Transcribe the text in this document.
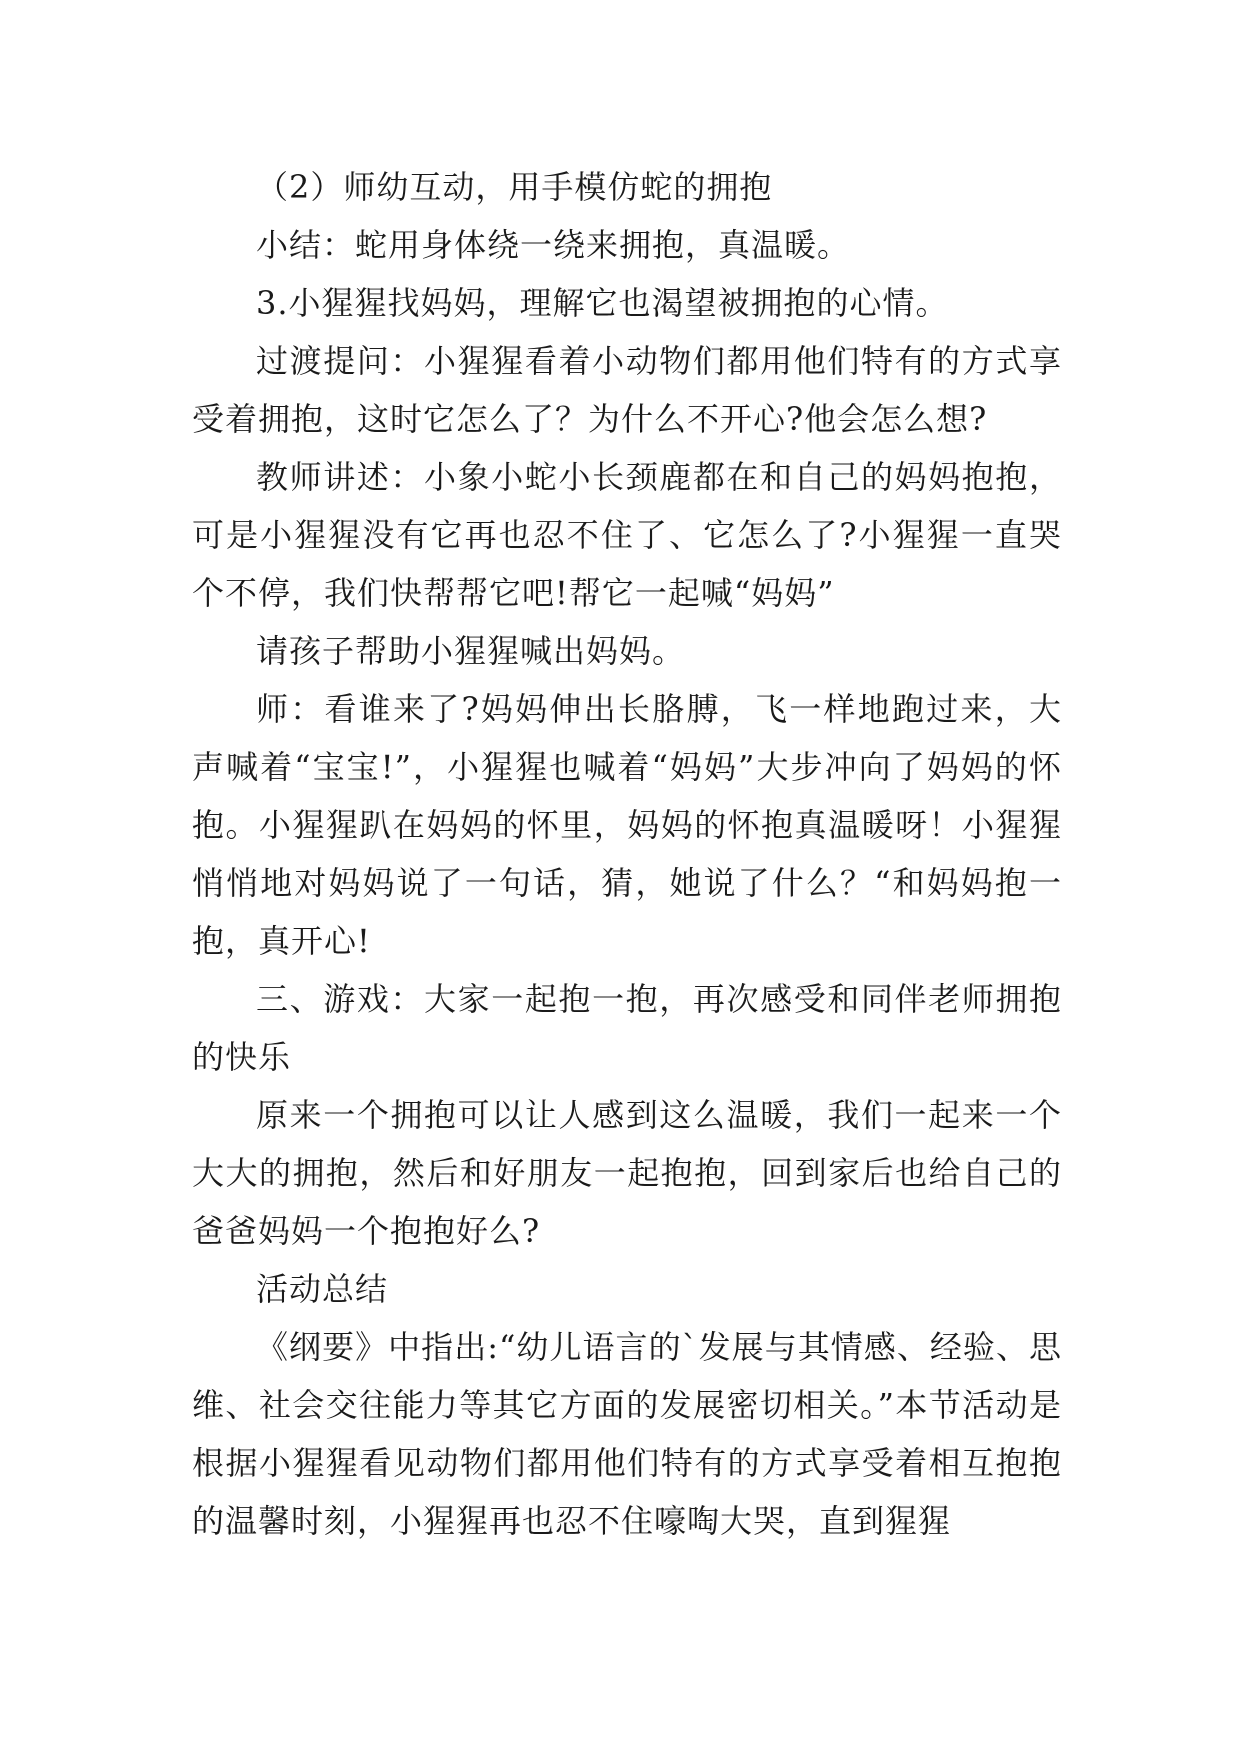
（2）师幼互动，用手模仿蛇的拥抱

小结：蛇用身体绕一绕来拥抱，真温暖。

3.小猩猩找妈妈，理解它也渴望被拥抱的心情。

过渡提问：小猩猩看着小动物们都用他们特有的方式享受着拥抱，这时它怎么了？为什么不开心?他会怎么想?

教师讲述：小象小蛇小长颈鹿都在和自己的妈妈抱抱，可是小猩猩没有它再也忍不住了、它怎么了?小猩猩一直哭个不停，我们快帮帮它吧!帮它一起喊“妈妈”

请孩子帮助小猩猩喊出妈妈。

师：看谁来了?妈妈伸出长胳膊，飞一样地跑过来，大声喊着“宝宝!”，小猩猩也喊着“妈妈”大步冲向了妈妈的怀抱。小猩猩趴在妈妈的怀里，妈妈的怀抱真温暖呀！小猩猩悄悄地对妈妈说了一句话，猜，她说了什么？“和妈妈抱一抱，真开心!

三、游戏：大家一起抱一抱，再次感受和同伴老师拥抱的快乐

原来一个拥抱可以让人感到这么温暖，我们一起来一个大大的拥抱，然后和好朋友一起抱抱，回到家后也给自己的爸爸妈妈一个抱抱好么?

活动总结

《纲要》中指出:“幼儿语言的`发展与其情感、经验、思维、社会交往能力等其它方面的发展密切相关。”本节活动是根据小猩猩看见动物们都用他们特有的方式享受着相互抱抱的温馨时刻，小猩猩再也忍不住嚎啕大哭，直到猩猩
